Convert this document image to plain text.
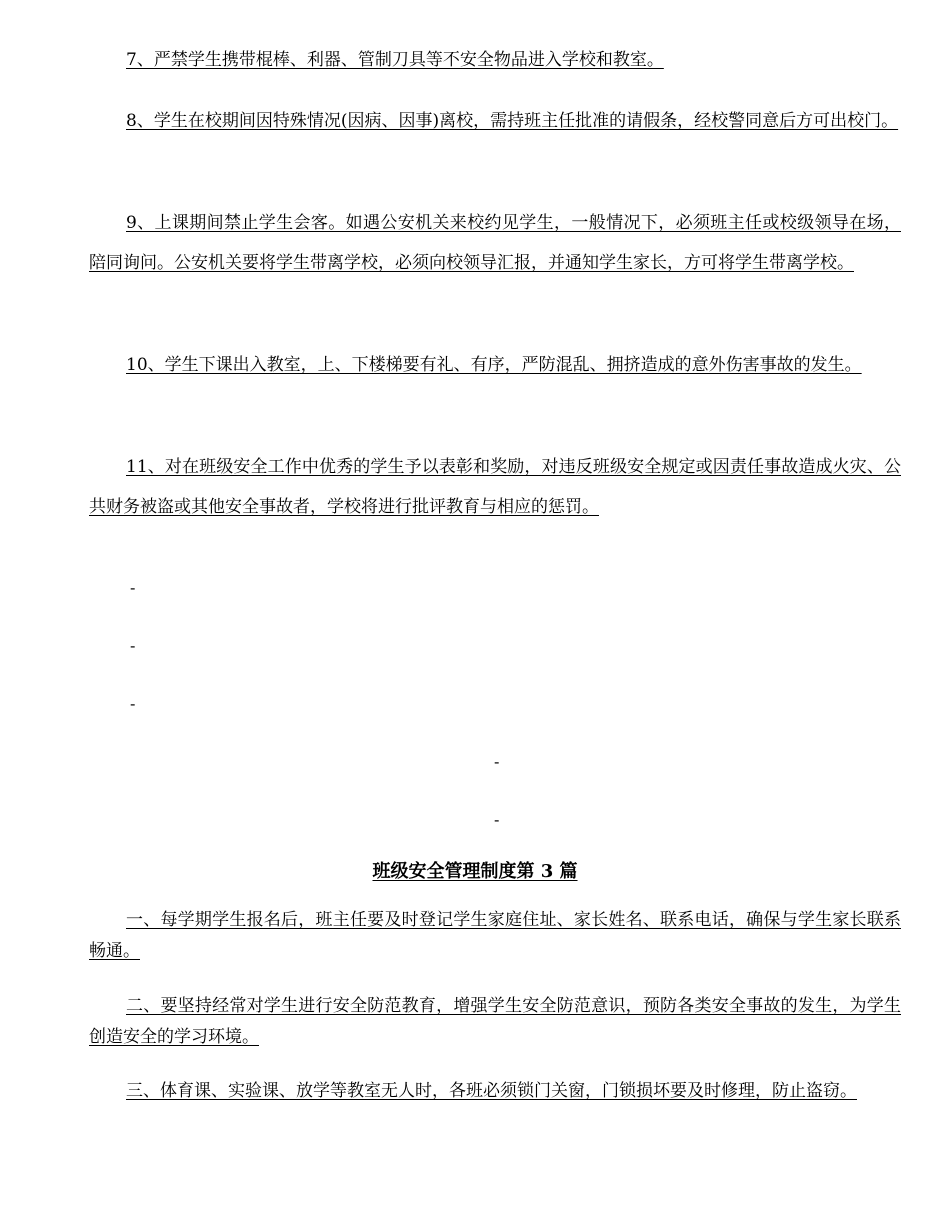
7、严禁学生携带棍棒、利器、管制刀具等不安全物品进入学校和教室。

8、学生在校期间因特殊情况(因病、因事)离校，需持班主任批准的请假条，经校警同意后方可出校门。

9、上课期间禁止学生会客。如遇公安机关来校约见学生，一般情况下，必须班主任或校级领导在场，陪同询问。公安机关要将学生带离学校，必须向校领导汇报，并通知学生家长，方可将学生带离学校。

10、学生下课出入教室，上、下楼梯要有礼、有序，严防混乱、拥挤造成的意外伤害事故的发生。

11、对在班级安全工作中优秀的学生予以表彰和奖励，对违反班级安全规定或因责任事故造成火灾、公共财务被盗或其他安全事故者，学校将进行批评教育与相应的惩罚。

-
-
-
-
-
班级安全管理制度第 3 篇

一、每学期学生报名后，班主任要及时登记学生家庭住址、家长姓名、联系电话，确保与学生家长联系畅通。

二、要坚持经常对学生进行安全防范教育，增强学生安全防范意识，预防各类安全事故的发生，为学生创造安全的学习环境。

三、体育课、实验课、放学等教室无人时，各班必须锁门关窗，门锁损坏要及时修理，防止盗窃。
